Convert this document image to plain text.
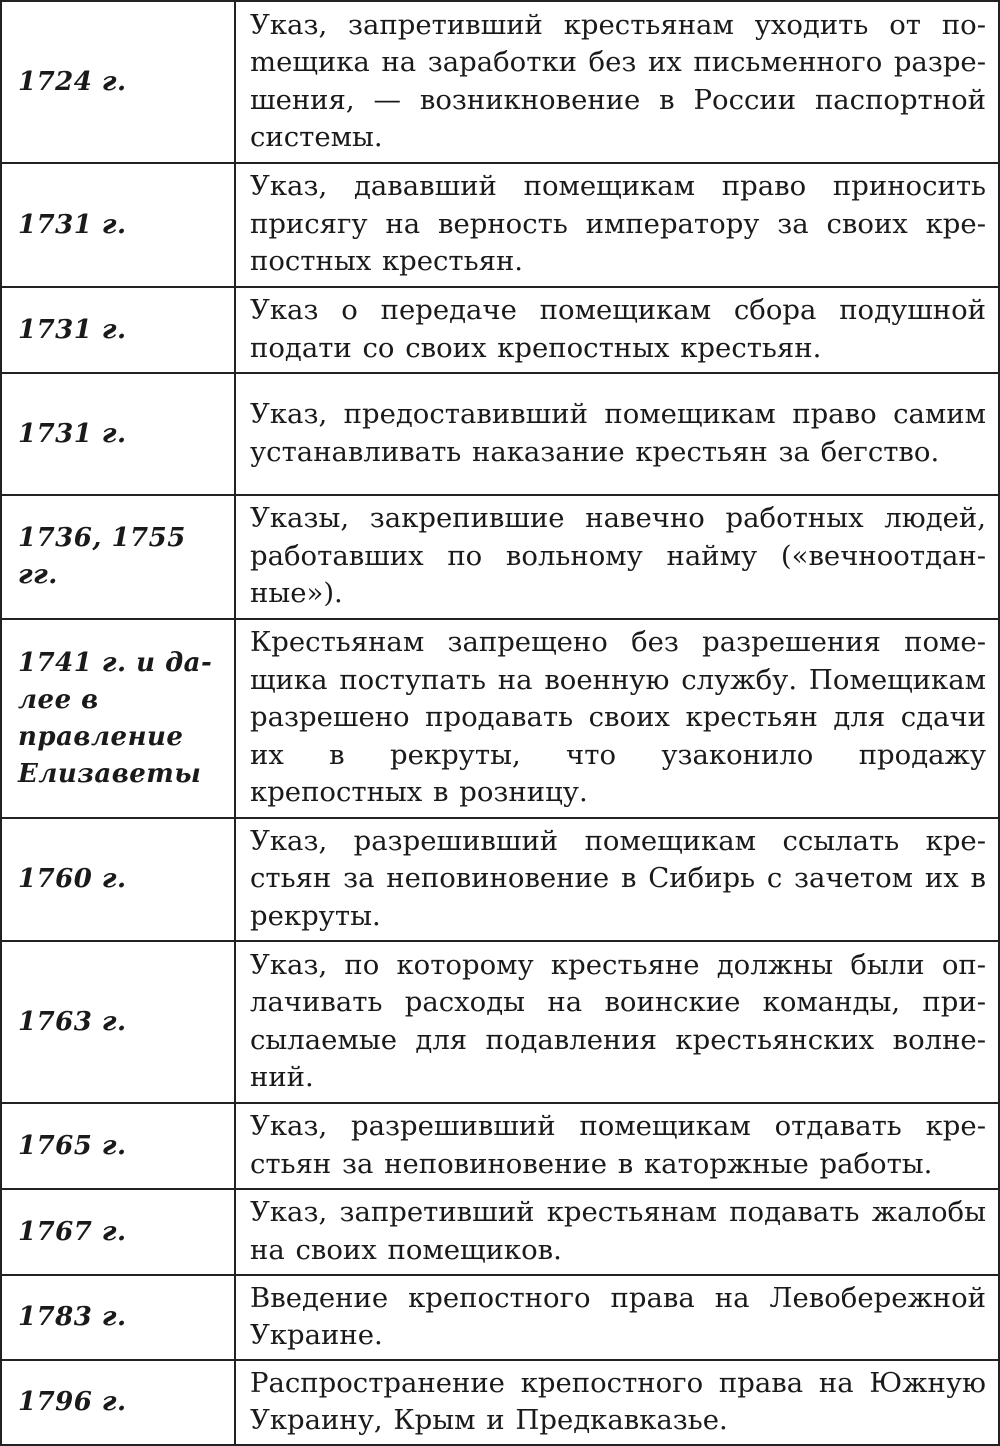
1724 г.	Указ, запретивший крестьянам уходить от поmещика на заработки без их письменного разрешения, — возникновение в России паспортной системы.
1731 г.	Указ, дававший помещикам право приносить присягу на верность императору за своих крепостных крестьян.
1731 г.	Указ о передаче помещикам сбора подушной подати со своих крепостных крестьян.
1731 г.	Указ, предоставивший помещикам право самим устанавливать наказание крестьян за бегство.
1736, 1755 гг.	Указы, закрепившие навечно работных людей, работавших по вольному найму («вечноотданные»).
1741 г. и далее в правление Елизаветы	Крестьянам запрещено без разрешения помещика поступать на военную службу. Помещикам разрешено продавать своих крестьян для сдачи их в рекруты, что узаконило продажу крепостных в розницу.
1760 г.	Указ, разрешивший помещикам ссылать крестьян за неповиновение в Сибирь с зачетом их в рекруты.
1763 г.	Указ, по которому крестьяне должны были оплачивать расходы на воинские команды, присылаемые для подавления крестьянских волнений.
1765 г.	Указ, разрешивший помещикам отдавать крестьян за неповиновение в каторжные работы.
1767 г.	Указ, запретивший крестьянам подавать жалобы на своих помещиков.
1783 г.	Введение крепостного права на Левобережной Украине.
1796 г.	Распространение крепостного права на Южную Украину, Крым и Предкавказье.
